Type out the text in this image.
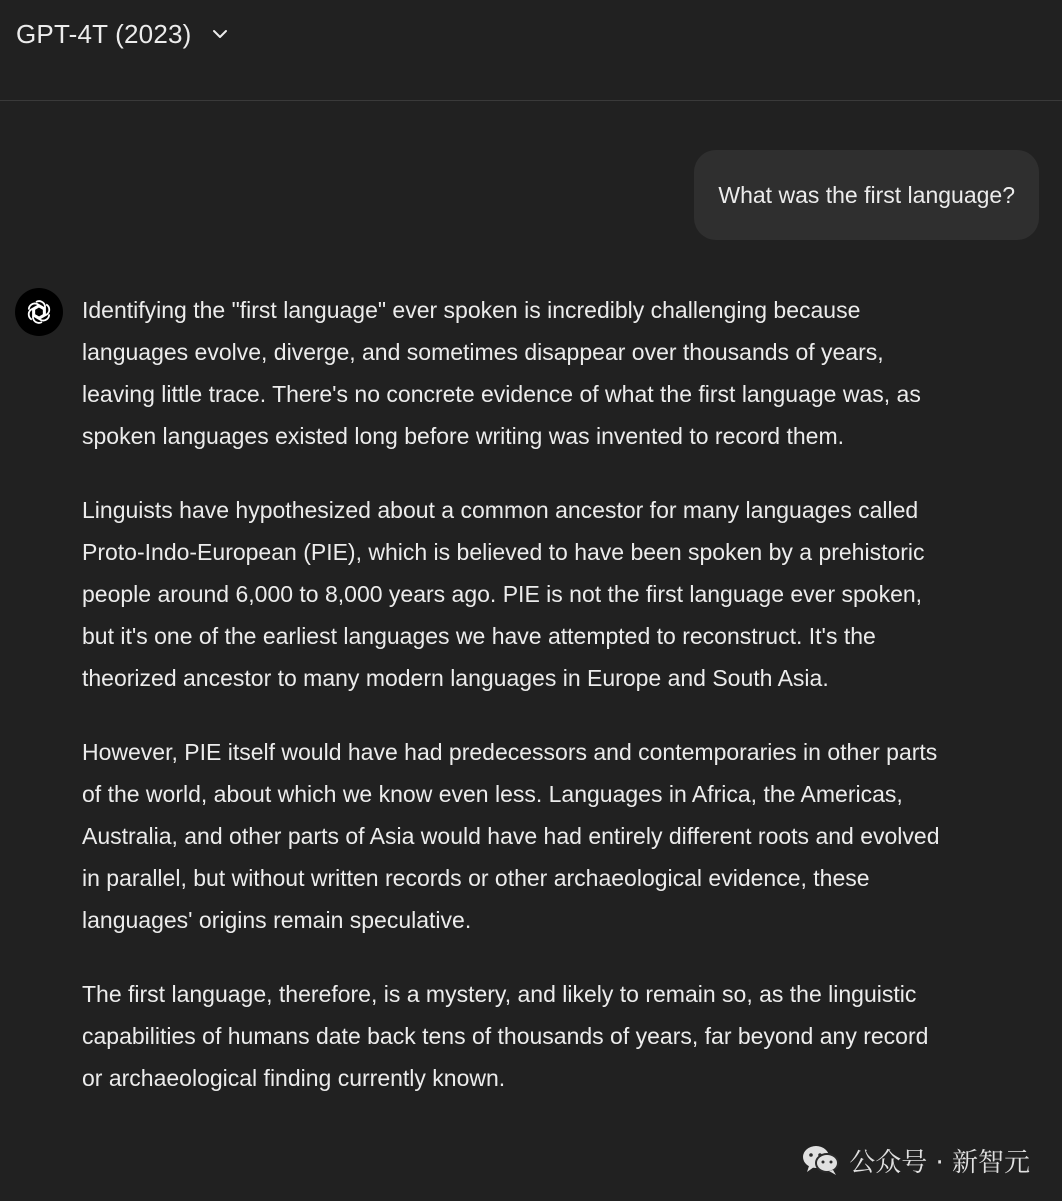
GPT-4T (2023)
What was the first language?

Identifying the "first language" ever spoken is incredibly challenging because languages evolve, diverge, and sometimes disappear over thousands of years, leaving little trace. There's no concrete evidence of what the first language was, as spoken languages existed long before writing was invented to record them.

Linguists have hypothesized about a common ancestor for many languages called Proto-Indo-European (PIE), which is believed to have been spoken by a prehistoric people around 6,000 to 8,000 years ago. PIE is not the first language ever spoken, but it's one of the earliest languages we have attempted to reconstruct. It's the theorized ancestor to many modern languages in Europe and South Asia.

However, PIE itself would have had predecessors and contemporaries in other parts of the world, about which we know even less. Languages in Africa, the Americas, Australia, and other parts of Asia would have had entirely different roots and evolved in parallel, but without written records or other archaeological evidence, these languages' origins remain speculative.

The first language, therefore, is a mystery, and likely to remain so, as the linguistic capabilities of humans date back tens of thousands of years, far beyond any record or archaeological finding currently known.

公众号 · 新智元
